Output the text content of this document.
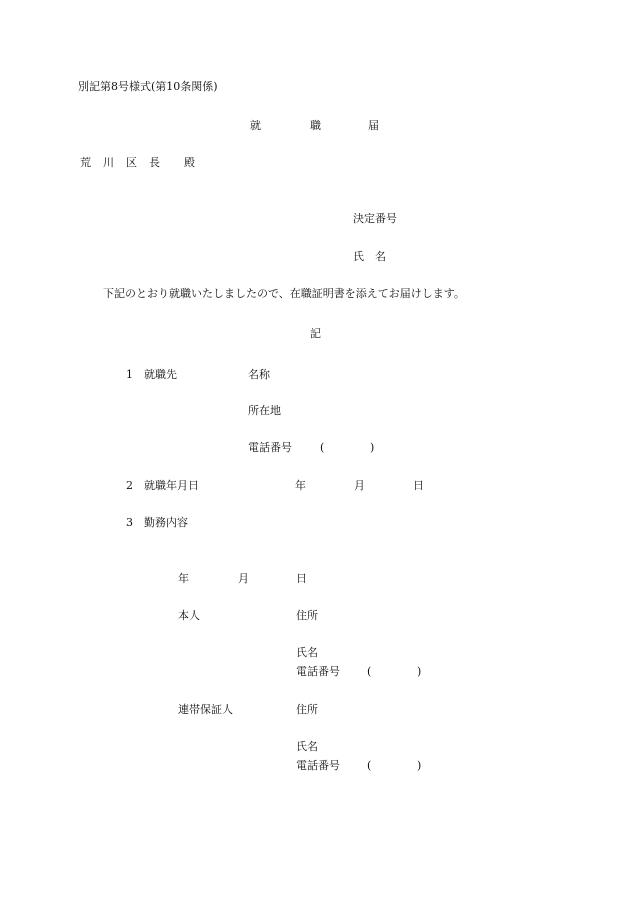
別記第8号様式(第10条関係)
就	職	届
荒 川 区 長 殿
決定番号
氏　名
下記のとおり就職いたしましたので、在職証明書を添えてお届けします。
記
1 就職先	名称
所在地
電話番号	(	)
2 就職年月日	年	月	日
3 勤務内容
年	月	日
本人	住所
氏名
電話番号 (	)
連帯保証人	住所
氏名
電話番号 (	)
